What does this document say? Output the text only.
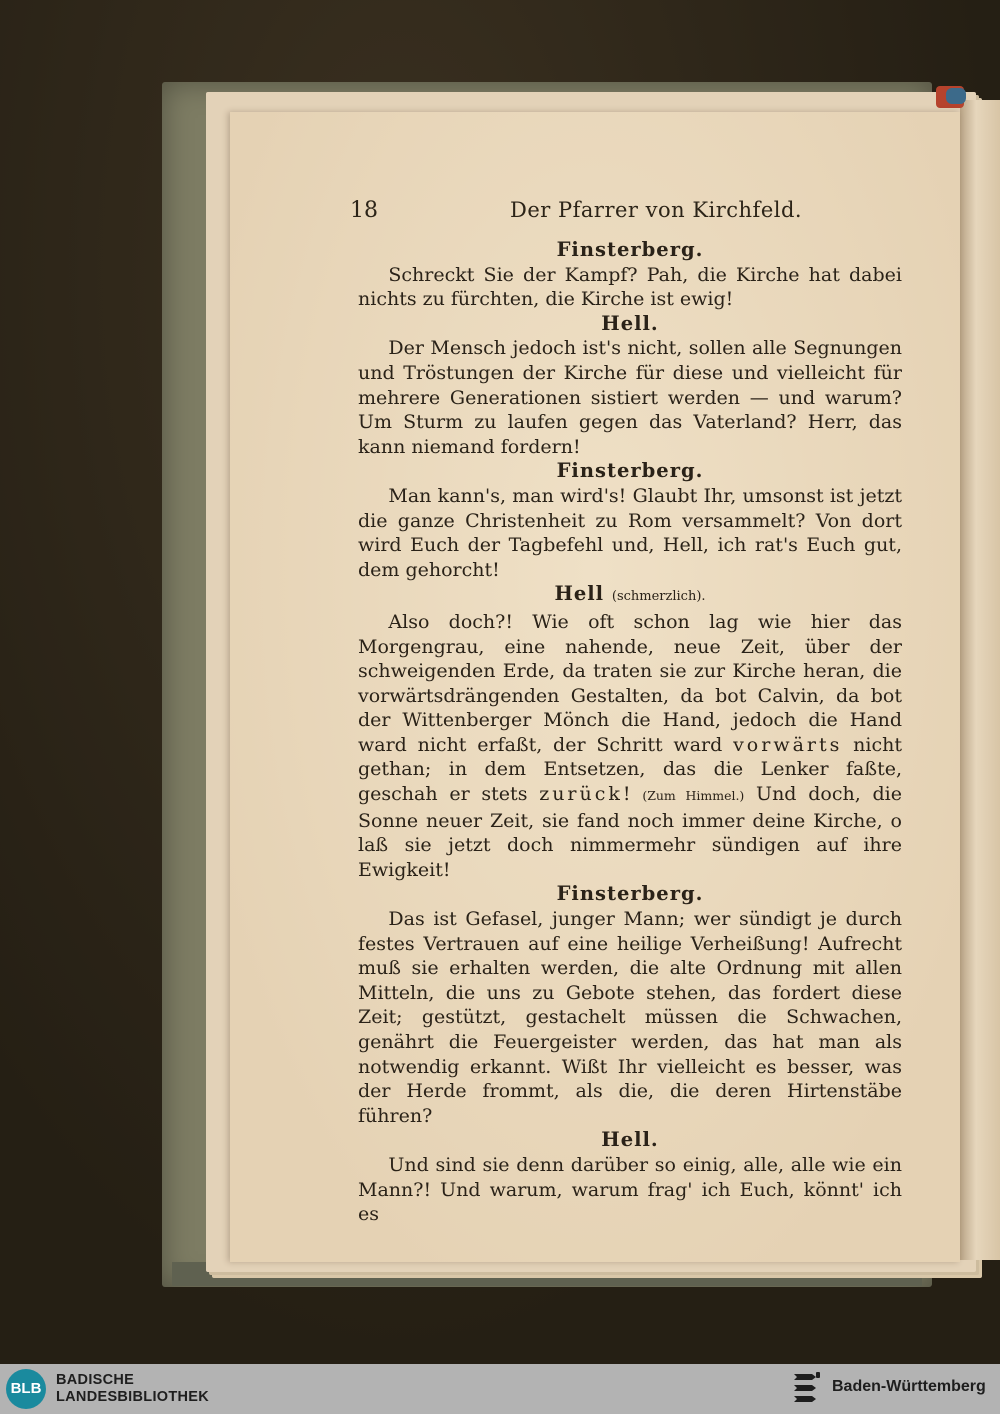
18	Der Pfarrer von Kirchfeld.
Finsterberg.
Schreckt Sie der Kampf? Pah, die Kirche hat dabei nichts zu fürchten, die Kirche ist ewig!
Hell.
Der Mensch jedoch ist's nicht, sollen alle Segnungen und Tröstungen der Kirche für diese und vielleicht für mehrere Generationen sistiert werden — und warum? Um Sturm zu laufen gegen das Vaterland? Herr, das kann niemand fordern!
Finsterberg.
Man kann's, man wird's! Glaubt Ihr, umsonst ist jetzt die ganze Christenheit zu Rom versammelt? Von dort wird Euch der Tagbefehl und, Hell, ich rat's Euch gut, dem gehorcht!
Hell (schmerzlich).
Also doch?! Wie oft schon lag wie hier das Morgengrau, eine nahende, neue Zeit, über der schweigenden Erde, da traten sie zur Kirche heran, die vorwärtsdrängenden Gestalten, da bot Calvin, da bot der Wittenberger Mönch die Hand, jedoch die Hand ward nicht erfaßt, der Schritt ward vorwärts nicht gethan; in dem Entsetzen, das die Lenker faßte, geschah er stets zurück! (Zum Himmel.) Und doch, die Sonne neuer Zeit, sie fand noch immer deine Kirche, o laß sie jetzt doch nimmermehr sündigen auf ihre Ewigkeit!
Finsterberg.
Das ist Gefasel, junger Mann; wer sündigt je durch festes Vertrauen auf eine heilige Verheißung! Aufrecht muß sie erhalten werden, die alte Ordnung mit allen Mitteln, die uns zu Gebote stehen, das fordert diese Zeit; gestützt, gestachelt müssen die Schwachen, genährt die Feuergeister werden, das hat man als notwendig erkannt. Wißt Ihr vielleicht es besser, was der Herde frommt, als die, die deren Hirtenstäbe führen?
Hell.
Und sind sie denn darüber so einig, alle, alle wie ein Mann?! Und warum, warum frag' ich Euch, könnt' ich es
BLB	BADISCHE
LANDESBIBLIOTHEK
Baden-Württemberg
